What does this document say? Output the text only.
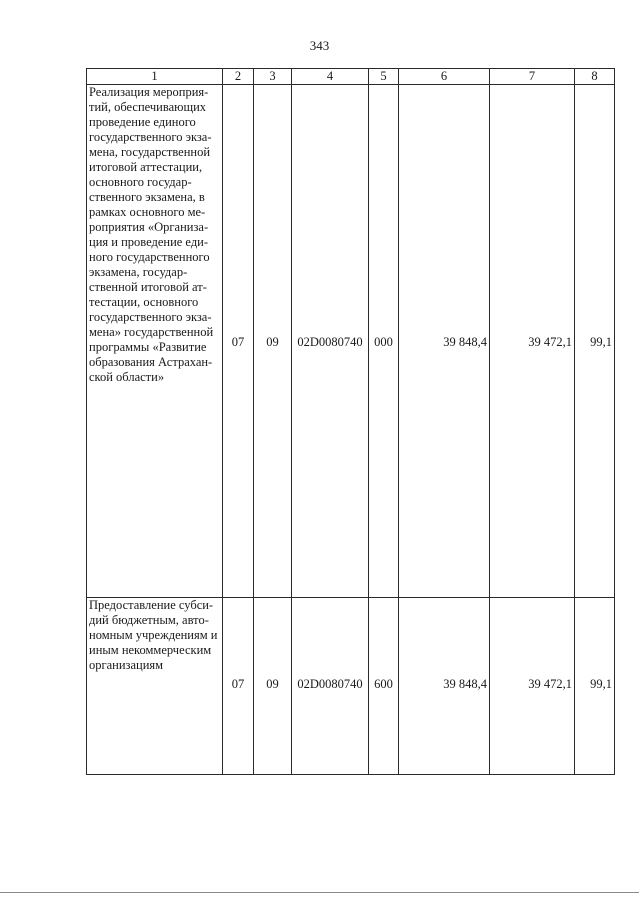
343
1	2	3	4	5	6	7	8

Реализация мероприя-тий, обеспечивающих проведение единого государственного экза-мена, государственной итоговой аттестации, основного государ-ственного экзамена, в рамках основного ме-роприятия «Организа-ция и проведение еди-ного государственного экзамена, государ-ственной итоговой ат-тестации, основного государственного экза-мена» государственной программы «Развитие образования Астрахан-ской области»	07	09	02D0080740	000	39 848,4	39 472,1	99,1

Предоставление субси-дий бюджетным, авто-номным учреждениям и иным некоммерческим организациям	07	09	02D0080740	600	39 848,4	39 472,1	99,1
